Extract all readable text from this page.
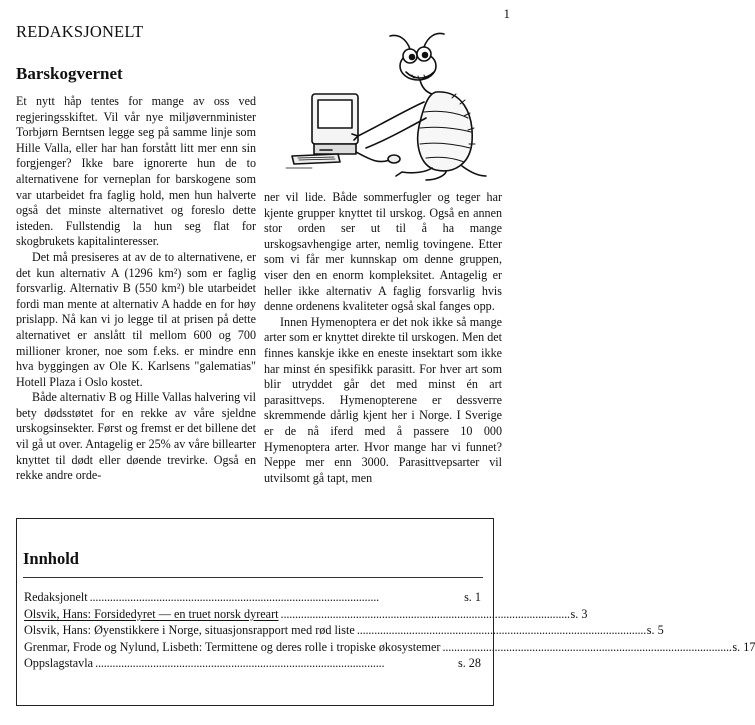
1
REDAKSJONELT
Barskogvernet

Et nytt håp tentes for mange av oss ved regjeringsskiftet. Vil vår nye miljøvernminister Torbjørn Berntsen legge seg på samme linje som Hille Valla, eller har han forstått litt mer enn sin forgjenger? Ikke bare ignorerte hun de to alternativene for verneplan for barskogene som var utarbeidet fra faglig hold, men hun halverte også det minste alternativet og foreslo dette isteden. Fullstendig la hun seg flat for skogbrukets kapitalinteresser.

Det må presiseres at av de to alternativene, er det kun alternativ A (1296 km²) som er faglig forsvarlig. Alternativ B (550 km²) ble utarbeidet fordi man mente at alternativ A hadde en for høy prislapp. Nå kan vi jo legge til at prisen på dette alternativet er anslått til mellom 600 og 700 millioner kroner, noe som f.eks. er mindre enn hva byggingen av Ole K. Karlsens "galematias" Hotell Plaza i Oslo kostet.

Både alternativ B og Hille Vallas halvering vil bety dødsstøtet for en rekke av våre sjeldne urskogsinsekter. Først og fremst er det billene det vil gå ut over. Antagelig er 25% av våre billearter knyttet til dødt eller døende trevirke. Også en rekke andre orde-

ner vil lide. Både sommerfugler og teger har kjente grupper knyttet til urskog. Også en annen stor orden ser ut til å ha mange urskogsavhengige arter, nemlig tovingene. Etter som vi får mer kunnskap om denne gruppen, viser den en enorm kompleksitet. Antagelig er heller ikke alternativ A faglig forsvarlig hvis denne ordenens kvaliteter også skal fanges opp.

Innen Hymenoptera er det nok ikke så mange arter som er knyttet direkte til urskogen. Men det finnes kanskje ikke en eneste insektart som ikke har minst én spesifikk parasitt. For hver art som blir utryddet går det med minst én art parasittveps. Hymenopterene er dessverre skremmende dårlig kjent her i Norge. I Sverige er de nå iferd med å passere 10 000 Hymenoptera arter. Hvor mange har vi funnet? Neppe mer enn 3000. Parasittvepsarter vil utvilsomt gå tapt, men

Innhold
Redaksjonelt . . .	s. 1
Olsvik, Hans: Forsidedyret — en truet norsk dyreart . . .	s. 3
Olsvik, Hans: Øyenstikkere i Norge, situasjonsrapport med rød liste . . .	s. 5
Grenmar, Frode og Nylund, Lisbeth: Termittene og deres rolle i tropiske økosystemer . . .	s. 17
Oppslagstavla . . .	s. 28
